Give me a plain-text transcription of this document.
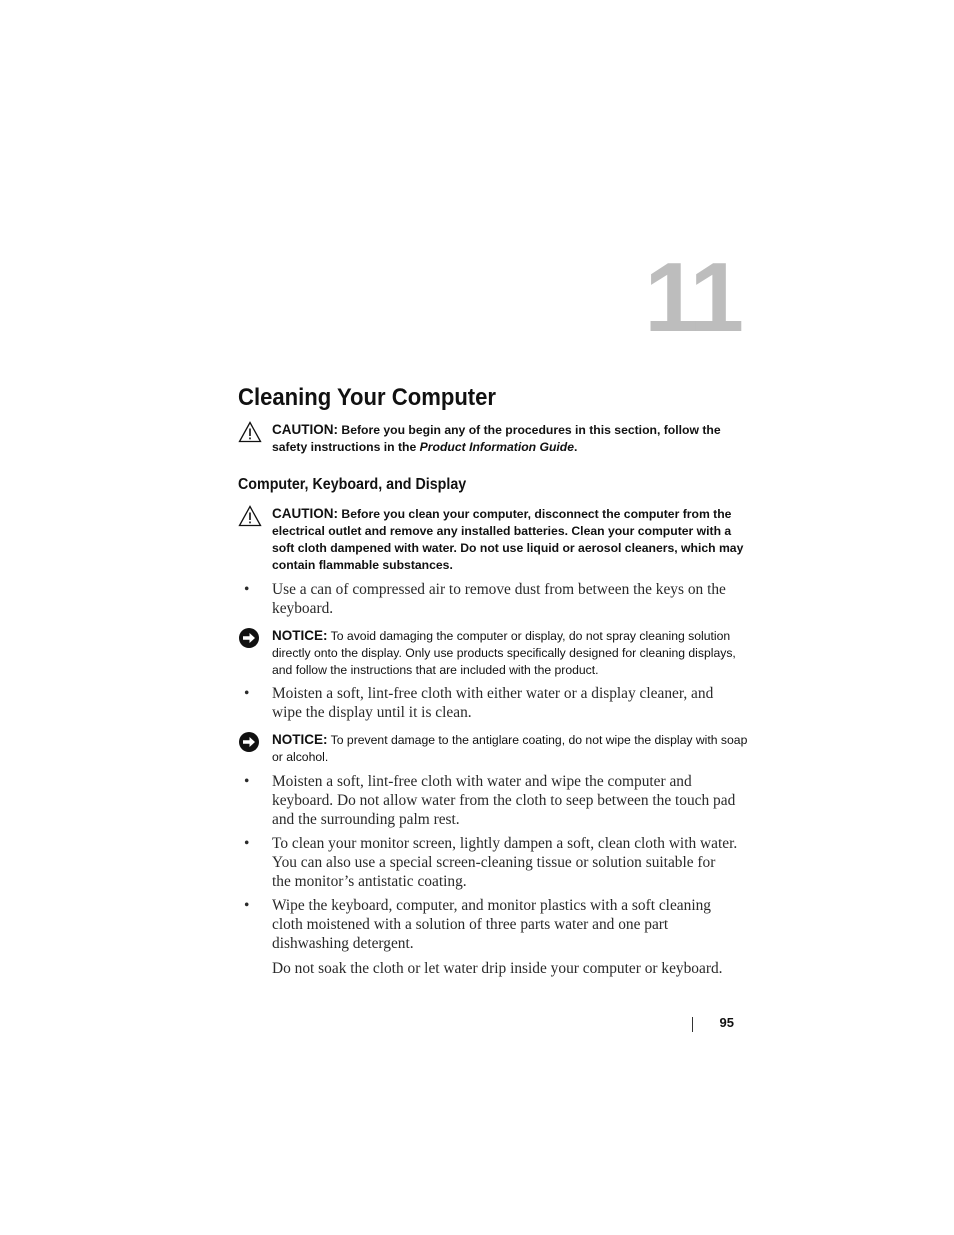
11
Cleaning Your Computer
CAUTION: Before you begin any of the procedures in this section, follow the safety instructions in the Product Information Guide.
Computer, Keyboard, and Display
CAUTION: Before you clean your computer, disconnect the computer from the electrical outlet and remove any installed batteries. Clean your computer with a soft cloth dampened with water. Do not use liquid or aerosol cleaners, which may contain flammable substances.
• Use a can of compressed air to remove dust from between the keys on the keyboard.
NOTICE: To avoid damaging the computer or display, do not spray cleaning solution directly onto the display. Only use products specifically designed for cleaning displays, and follow the instructions that are included with the product.
• Moisten a soft, lint-free cloth with either water or a display cleaner, and wipe the display until it is clean.
NOTICE: To prevent damage to the antiglare coating, do not wipe the display with soap or alcohol.
• Moisten a soft, lint-free cloth with water and wipe the computer and keyboard. Do not allow water from the cloth to seep between the touch pad and the surrounding palm rest.
• To clean your monitor screen, lightly dampen a soft, clean cloth with water. You can also use a special screen-cleaning tissue or solution suitable for the monitor’s antistatic coating.
• Wipe the keyboard, computer, and monitor plastics with a soft cleaning cloth moistened with a solution of three parts water and one part dishwashing detergent.
Do not soak the cloth or let water drip inside your computer or keyboard.
95
